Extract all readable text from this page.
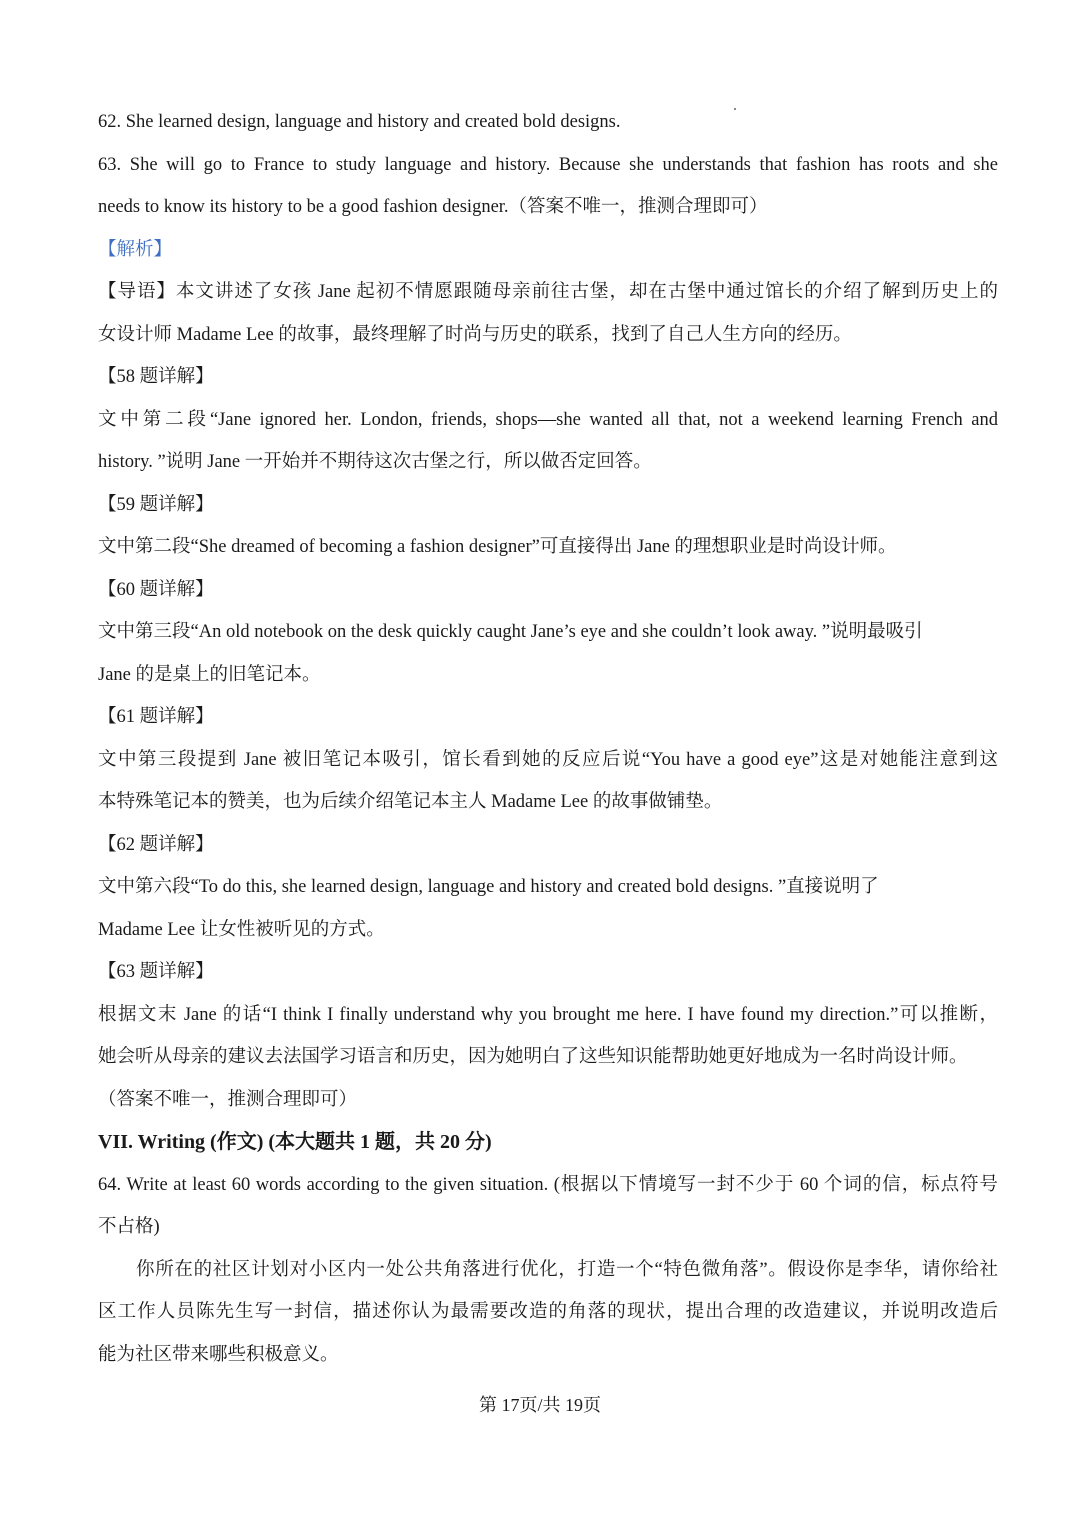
62. She learned design, language and history and created bold designs.
63. She will go to France to study language and history. Because she understands that fashion has roots and she
needs to know its history to be a good fashion designer.（答案不唯一，推测合理即可）
【解析】
【导语】本文讲述了女孩 Jane 起初不情愿跟随母亲前往古堡，却在古堡中通过馆长的介绍了解到历史上的
女设计师 Madame Lee 的故事，最终理解了时尚与历史的联系，找到了自己人生方向的经历。
【58 题详解】
文中第二段“Jane ignored her. London, friends, shops—she wanted all that, not a weekend learning French and
history. ”说明 Jane 一开始并不期待这次古堡之行，所以做否定回答。
【59 题详解】
文中第二段“She dreamed of becoming a fashion designer”可直接得出 Jane 的理想职业是时尚设计师。
【60 题详解】
文中第三段“An old notebook on the desk quickly caught Jane’s eye and she couldn’t look away. ”说明最吸引
Jane 的是桌上的旧笔记本。
【61 题详解】
文中第三段提到 Jane 被旧笔记本吸引，馆长看到她的反应后说“You have a good eye”这是对她能注意到这
本特殊笔记本的赞美，也为后续介绍笔记本主人 Madame Lee 的故事做铺垫。
【62 题详解】
文中第六段“To do this, she learned design, language and history and created bold designs. ”直接说明了
Madame Lee 让女性被听见的方式。
【63 题详解】
根据文末 Jane 的话“I think I finally understand why you brought me here. I have found my direction.”可以推断，
她会听从母亲的建议去法国学习语言和历史，因为她明白了这些知识能帮助她更好地成为一名时尚设计师。
（答案不唯一，推测合理即可）
VII. Writing (作文) (本大题共 1 题，共 20 分)
64. Write at least 60 words according to the given situation. (根据以下情境写一封不少于 60 个词的信，标点符号
不占格)
你所在的社区计划对小区内一处公共角落进行优化，打造一个“特色微角落”。假设你是李华，请你给社
区工作人员陈先生写一封信，描述你认为最需要改造的角落的现状，提出合理的改造建议，并说明改造后
能为社区带来哪些积极意义。
第 17页/共 19页
